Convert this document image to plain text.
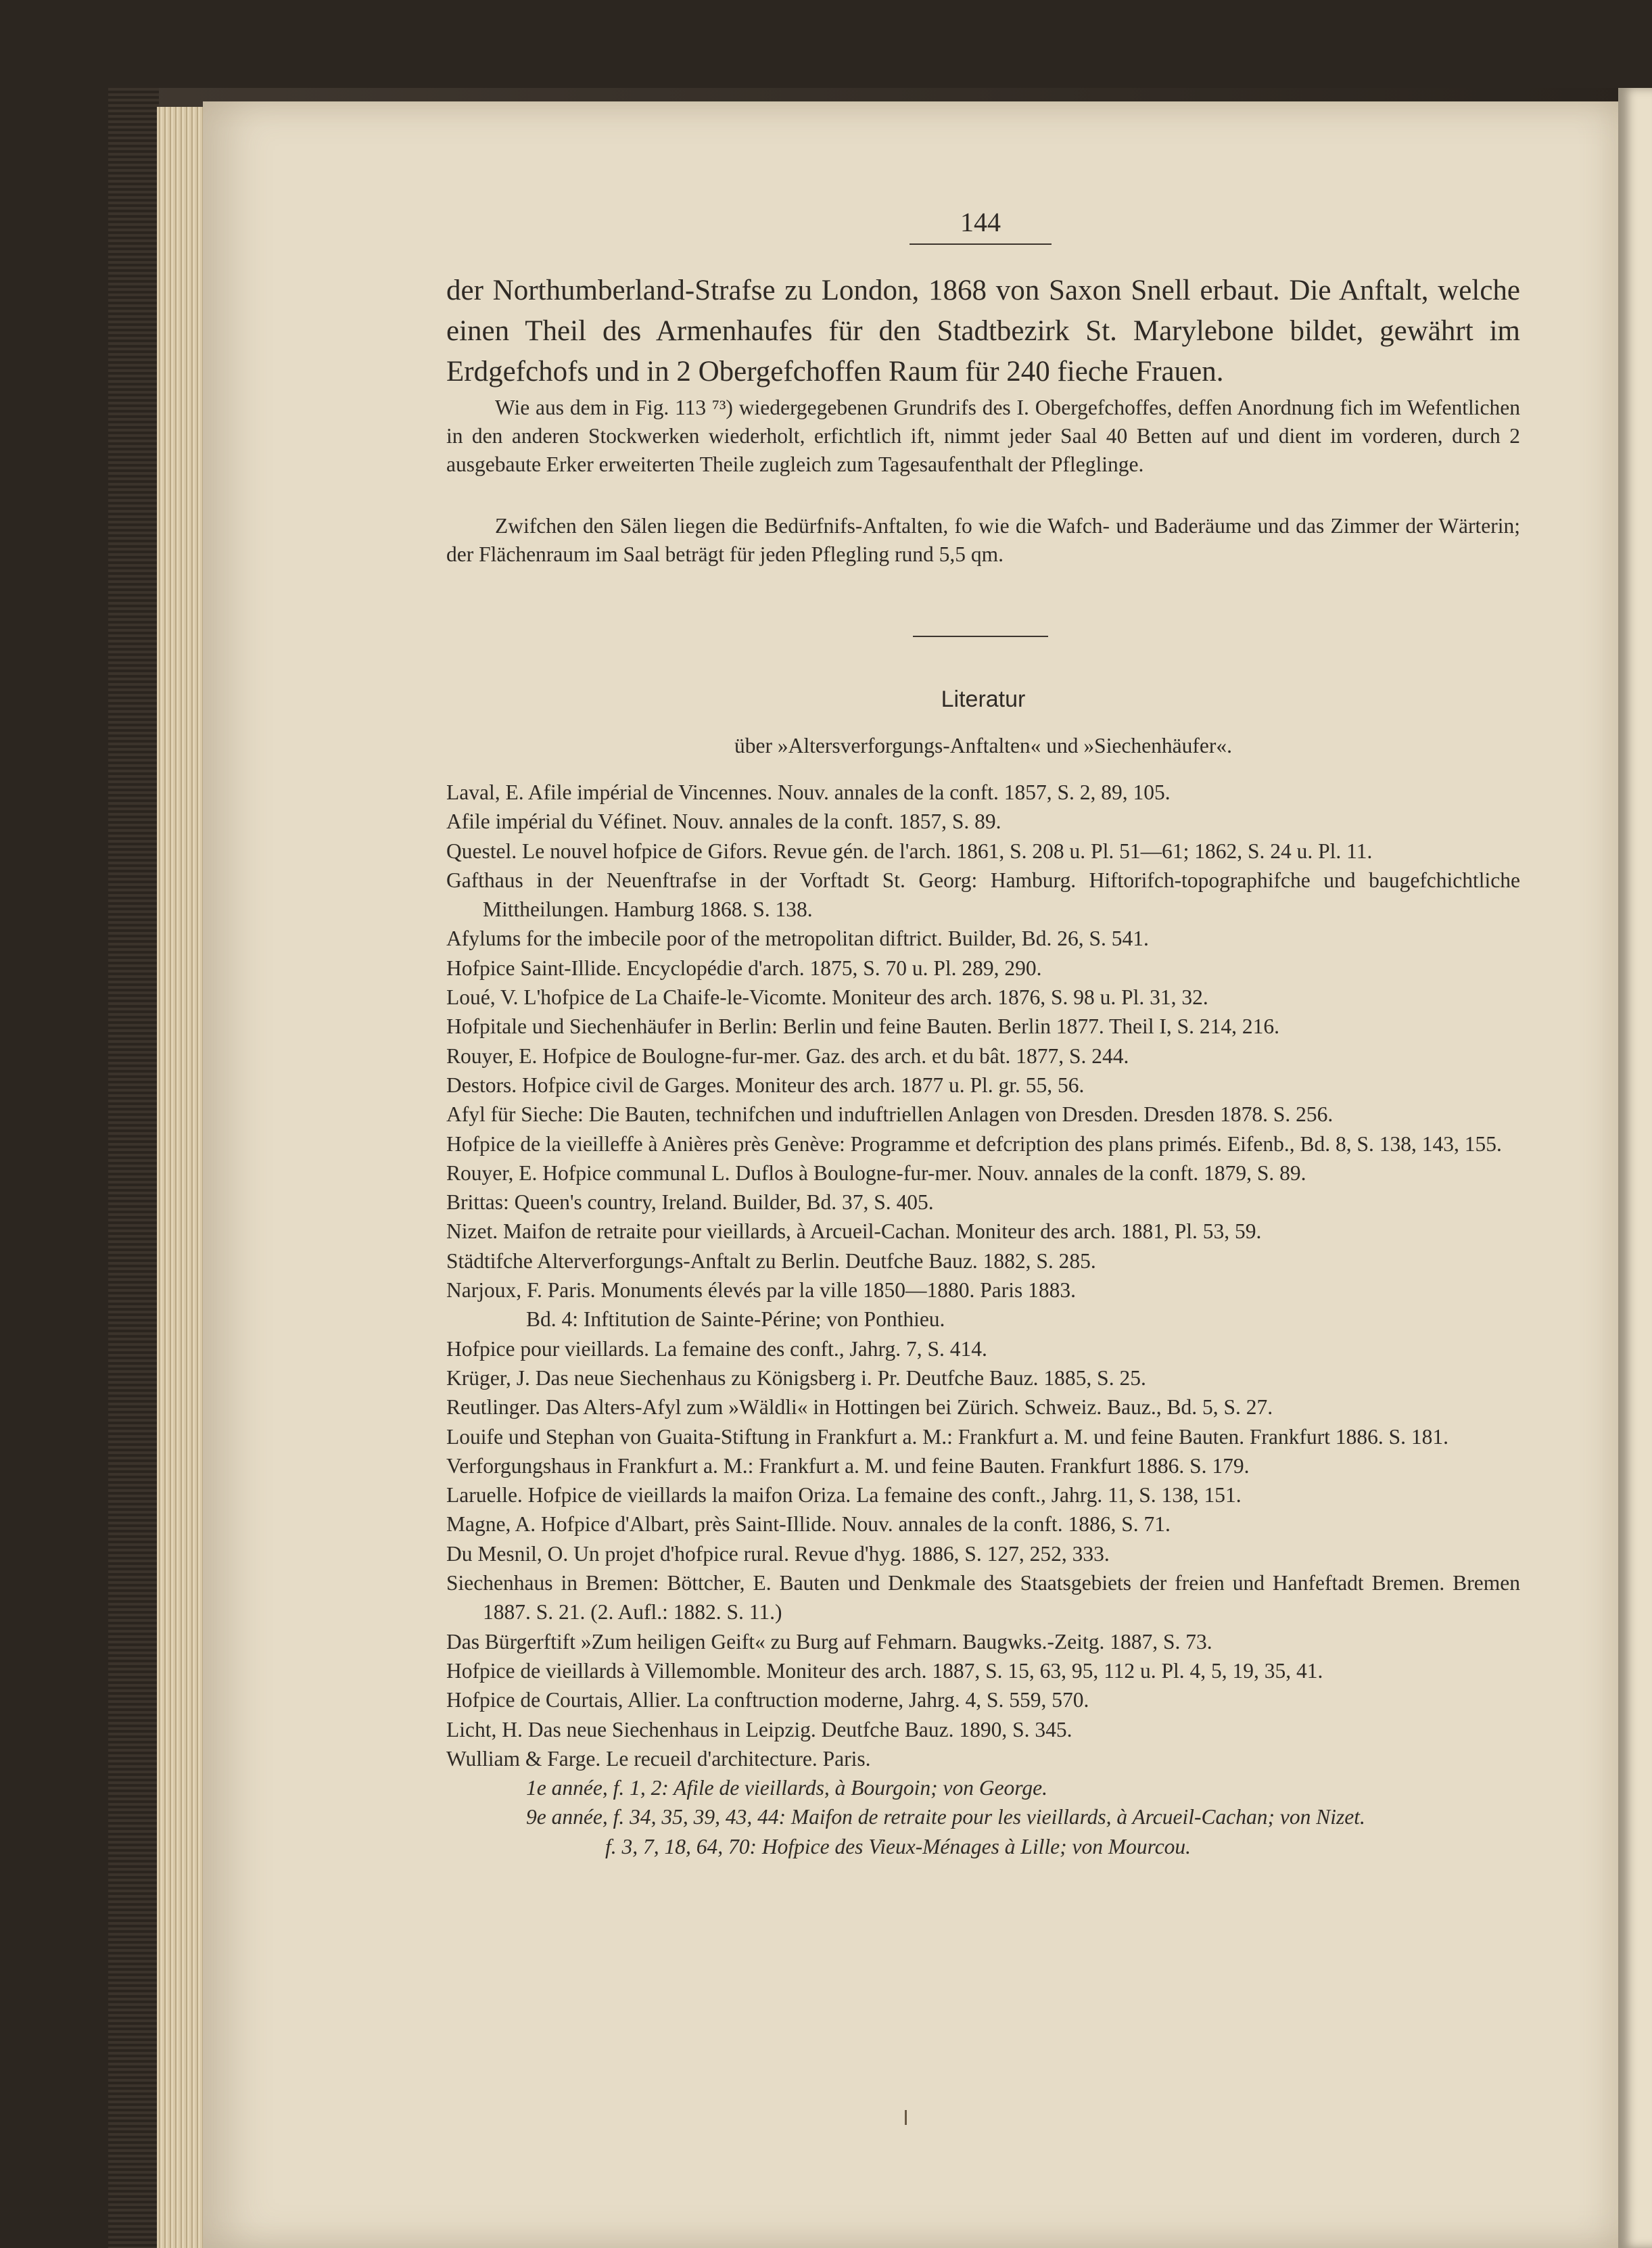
144
der Northumberland-Strafse zu London, 1868 von Saxon Snell erbaut. Die Anftalt, welche einen Theil des Armenhaufes für den Stadtbezirk St. Marylebone bildet, gewährt im Erdgefchofs und in 2 Obergefchoffen Raum für 240 fieche Frauen.
Wie aus dem in Fig. 113 ⁷³) wiedergegebenen Grundrifs des I. Obergefchoffes, deffen Anordnung fich im Wefentlichen in den anderen Stockwerken wiederholt, erfichtlich ift, nimmt jeder Saal 40 Betten auf und dient im vorderen, durch 2 ausgebaute Erker erweiterten Theile zugleich zum Tagesaufenthalt der Pfleglinge.
Zwifchen den Sälen liegen die Bedürfnifs-Anftalten, fo wie die Wafch- und Baderäume und das Zimmer der Wärterin; der Flächenraum im Saal beträgt für jeden Pflegling rund 5,5 qm.
Literatur
über »Altersverforgungs-Anftalten« und »Siechenhäufer«.
Laval, E. Afile impérial de Vincennes. Nouv. annales de la conft. 1857, S. 2, 89, 105.
Afile impérial du Véfinet. Nouv. annales de la conft. 1857, S. 89.
Questel. Le nouvel hofpice de Gifors. Revue gén. de l'arch. 1861, S. 208 u. Pl. 51—61; 1862, S. 24 u. Pl. 11.
Gafthaus in der Neuenftrafse in der Vorftadt St. Georg: Hamburg. Hiftorifch-topographifche und baugefchichtliche Mittheilungen. Hamburg 1868. S. 138.
Afylums for the imbecile poor of the metropolitan diftrict. Builder, Bd. 26, S. 541.
Hofpice Saint-Illide. Encyclopédie d'arch. 1875, S. 70 u. Pl. 289, 290.
Loué, V. L'hofpice de La Chaife-le-Vicomte. Moniteur des arch. 1876, S. 98 u. Pl. 31, 32.
Hofpitale und Siechenhäufer in Berlin: Berlin und feine Bauten. Berlin 1877. Theil I, S. 214, 216.
Rouyer, E. Hofpice de Boulogne-fur-mer. Gaz. des arch. et du bât. 1877, S. 244.
Destors. Hofpice civil de Garges. Moniteur des arch. 1877 u. Pl. gr. 55, 56.
Afyl für Sieche: Die Bauten, technifchen und induftriellen Anlagen von Dresden. Dresden 1878. S. 256.
Hofpice de la vieilleffe à Anières près Genève: Programme et defcription des plans primés. Eifenb., Bd. 8, S. 138, 143, 155.
Rouyer, E. Hofpice communal L. Duflos à Boulogne-fur-mer. Nouv. annales de la conft. 1879, S. 89.
Brittas: Queen's country, Ireland. Builder, Bd. 37, S. 405.
Nizet. Maifon de retraite pour vieillards, à Arcueil-Cachan. Moniteur des arch. 1881, Pl. 53, 59.
Städtifche Alterverforgungs-Anftalt zu Berlin. Deutfche Bauz. 1882, S. 285.
Narjoux, F. Paris. Monuments élevés par la ville 1850—1880. Paris 1883.
Bd. 4: Inftitution de Sainte-Périne; von Ponthieu.
Hofpice pour vieillards. La femaine des conft., Jahrg. 7, S. 414.
Krüger, J. Das neue Siechenhaus zu Königsberg i. Pr. Deutfche Bauz. 1885, S. 25.
Reutlinger. Das Alters-Afyl zum »Wäldli« in Hottingen bei Zürich. Schweiz. Bauz., Bd. 5, S. 27.
Louife und Stephan von Guaita-Stiftung in Frankfurt a. M.: Frankfurt a. M. und feine Bauten. Frankfurt 1886. S. 181.
Verforgungshaus in Frankfurt a. M.: Frankfurt a. M. und feine Bauten. Frankfurt 1886. S. 179.
Laruelle. Hofpice de vieillards la maifon Oriza. La femaine des conft., Jahrg. 11, S. 138, 151.
Magne, A. Hofpice d'Albart, près Saint-Illide. Nouv. annales de la conft. 1886, S. 71.
Du Mesnil, O. Un projet d'hofpice rural. Revue d'hyg. 1886, S. 127, 252, 333.
Siechenhaus in Bremen: Böttcher, E. Bauten und Denkmale des Staatsgebiets der freien und Hanfeftadt Bremen. Bremen 1887. S. 21. (2. Aufl.: 1882. S. 11.)
Das Bürgerftift »Zum heiligen Geift« zu Burg auf Fehmarn. Baugwks.-Zeitg. 1887, S. 73.
Hofpice de vieillards à Villemomble. Moniteur des arch. 1887, S. 15, 63, 95, 112 u. Pl. 4, 5, 19, 35, 41.
Hofpice de Courtais, Allier. La conftruction moderne, Jahrg. 4, S. 559, 570.
Licht, H. Das neue Siechenhaus in Leipzig. Deutfche Bauz. 1890, S. 345.
Wulliam & Farge. Le recueil d'architecture. Paris.
1e année, f. 1, 2: Afile de vieillards, à Bourgoin; von George.
9e année, f. 34, 35, 39, 43, 44: Maifon de retraite pour les vieillards, à Arcueil-Cachan; von Nizet.
f. 3, 7, 18, 64, 70: Hofpice des Vieux-Ménages à Lille; von Mourcou.
